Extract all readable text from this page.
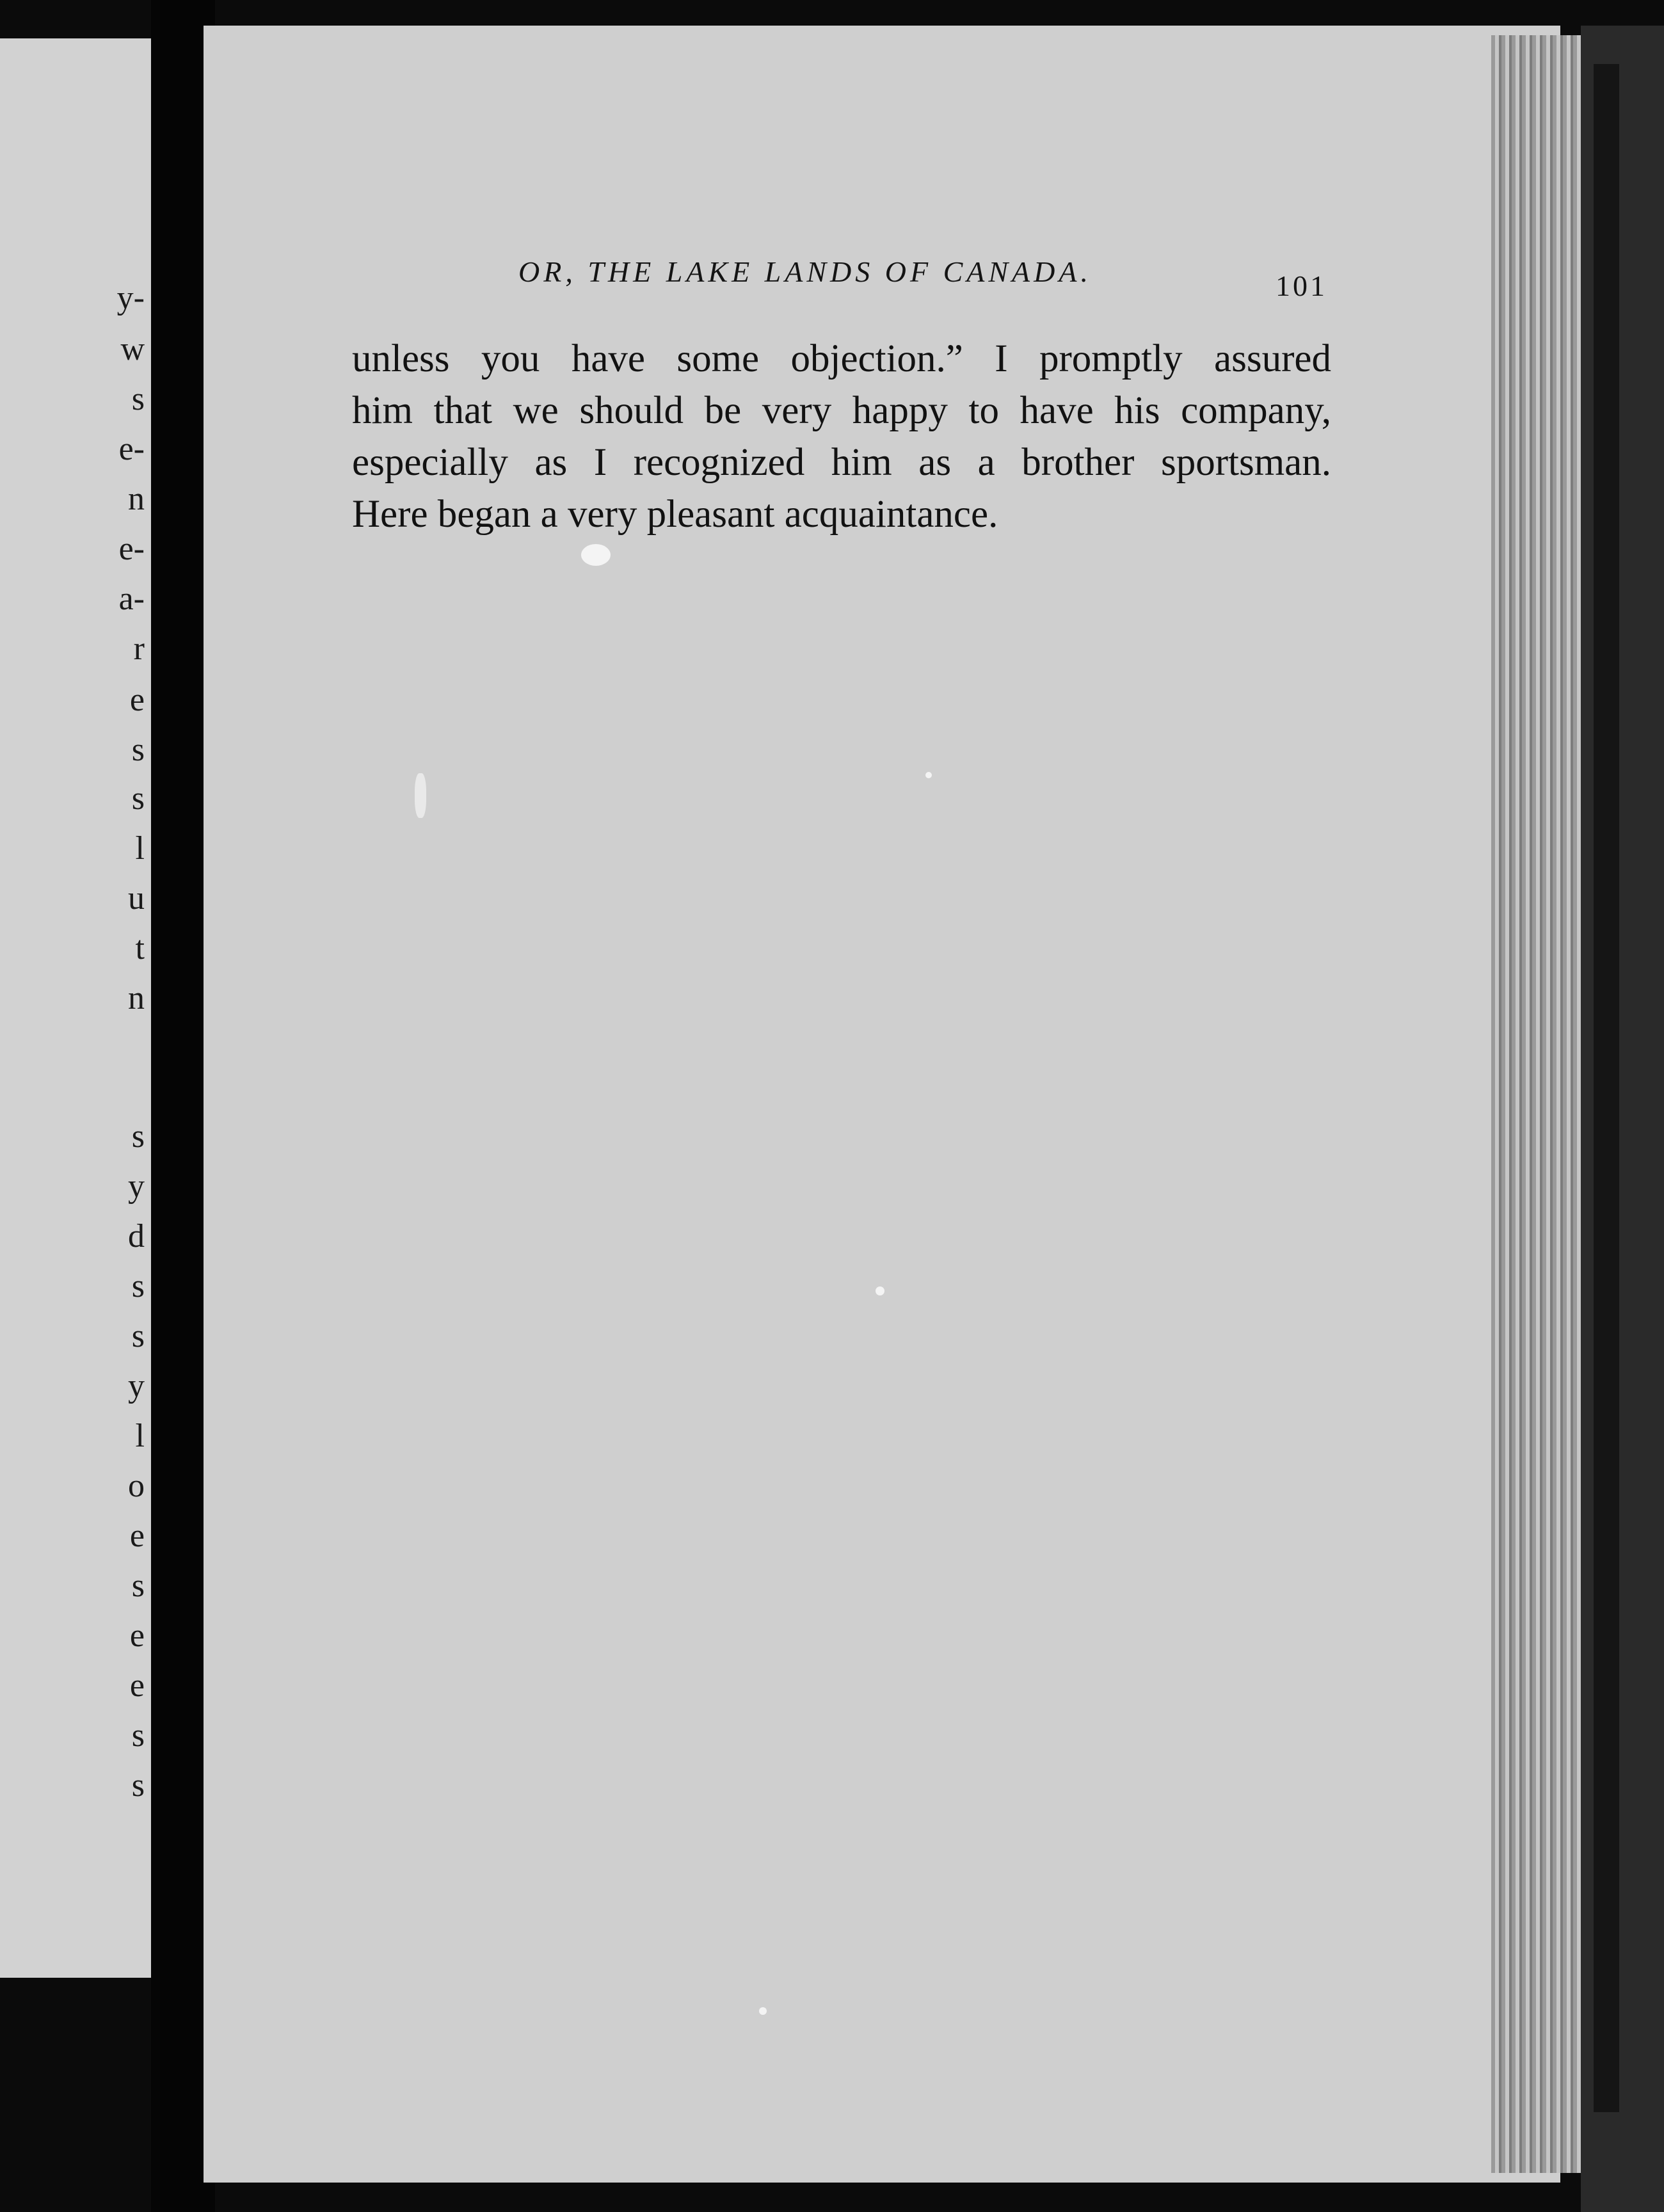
y-
w
s
e-
n
e-
a-
r
e
s
s
l
u
t
n
s
y
d
s
s
y
l
o
e
s
e
e
s
s
OR, THE LAKE LANDS OF CANADA.	101
unless you have some objection.” I promptly assured
him that we should be very happy to have his company,
especially as I recognized him as a brother sportsman.
Here began a very pleasant acquaintance.
